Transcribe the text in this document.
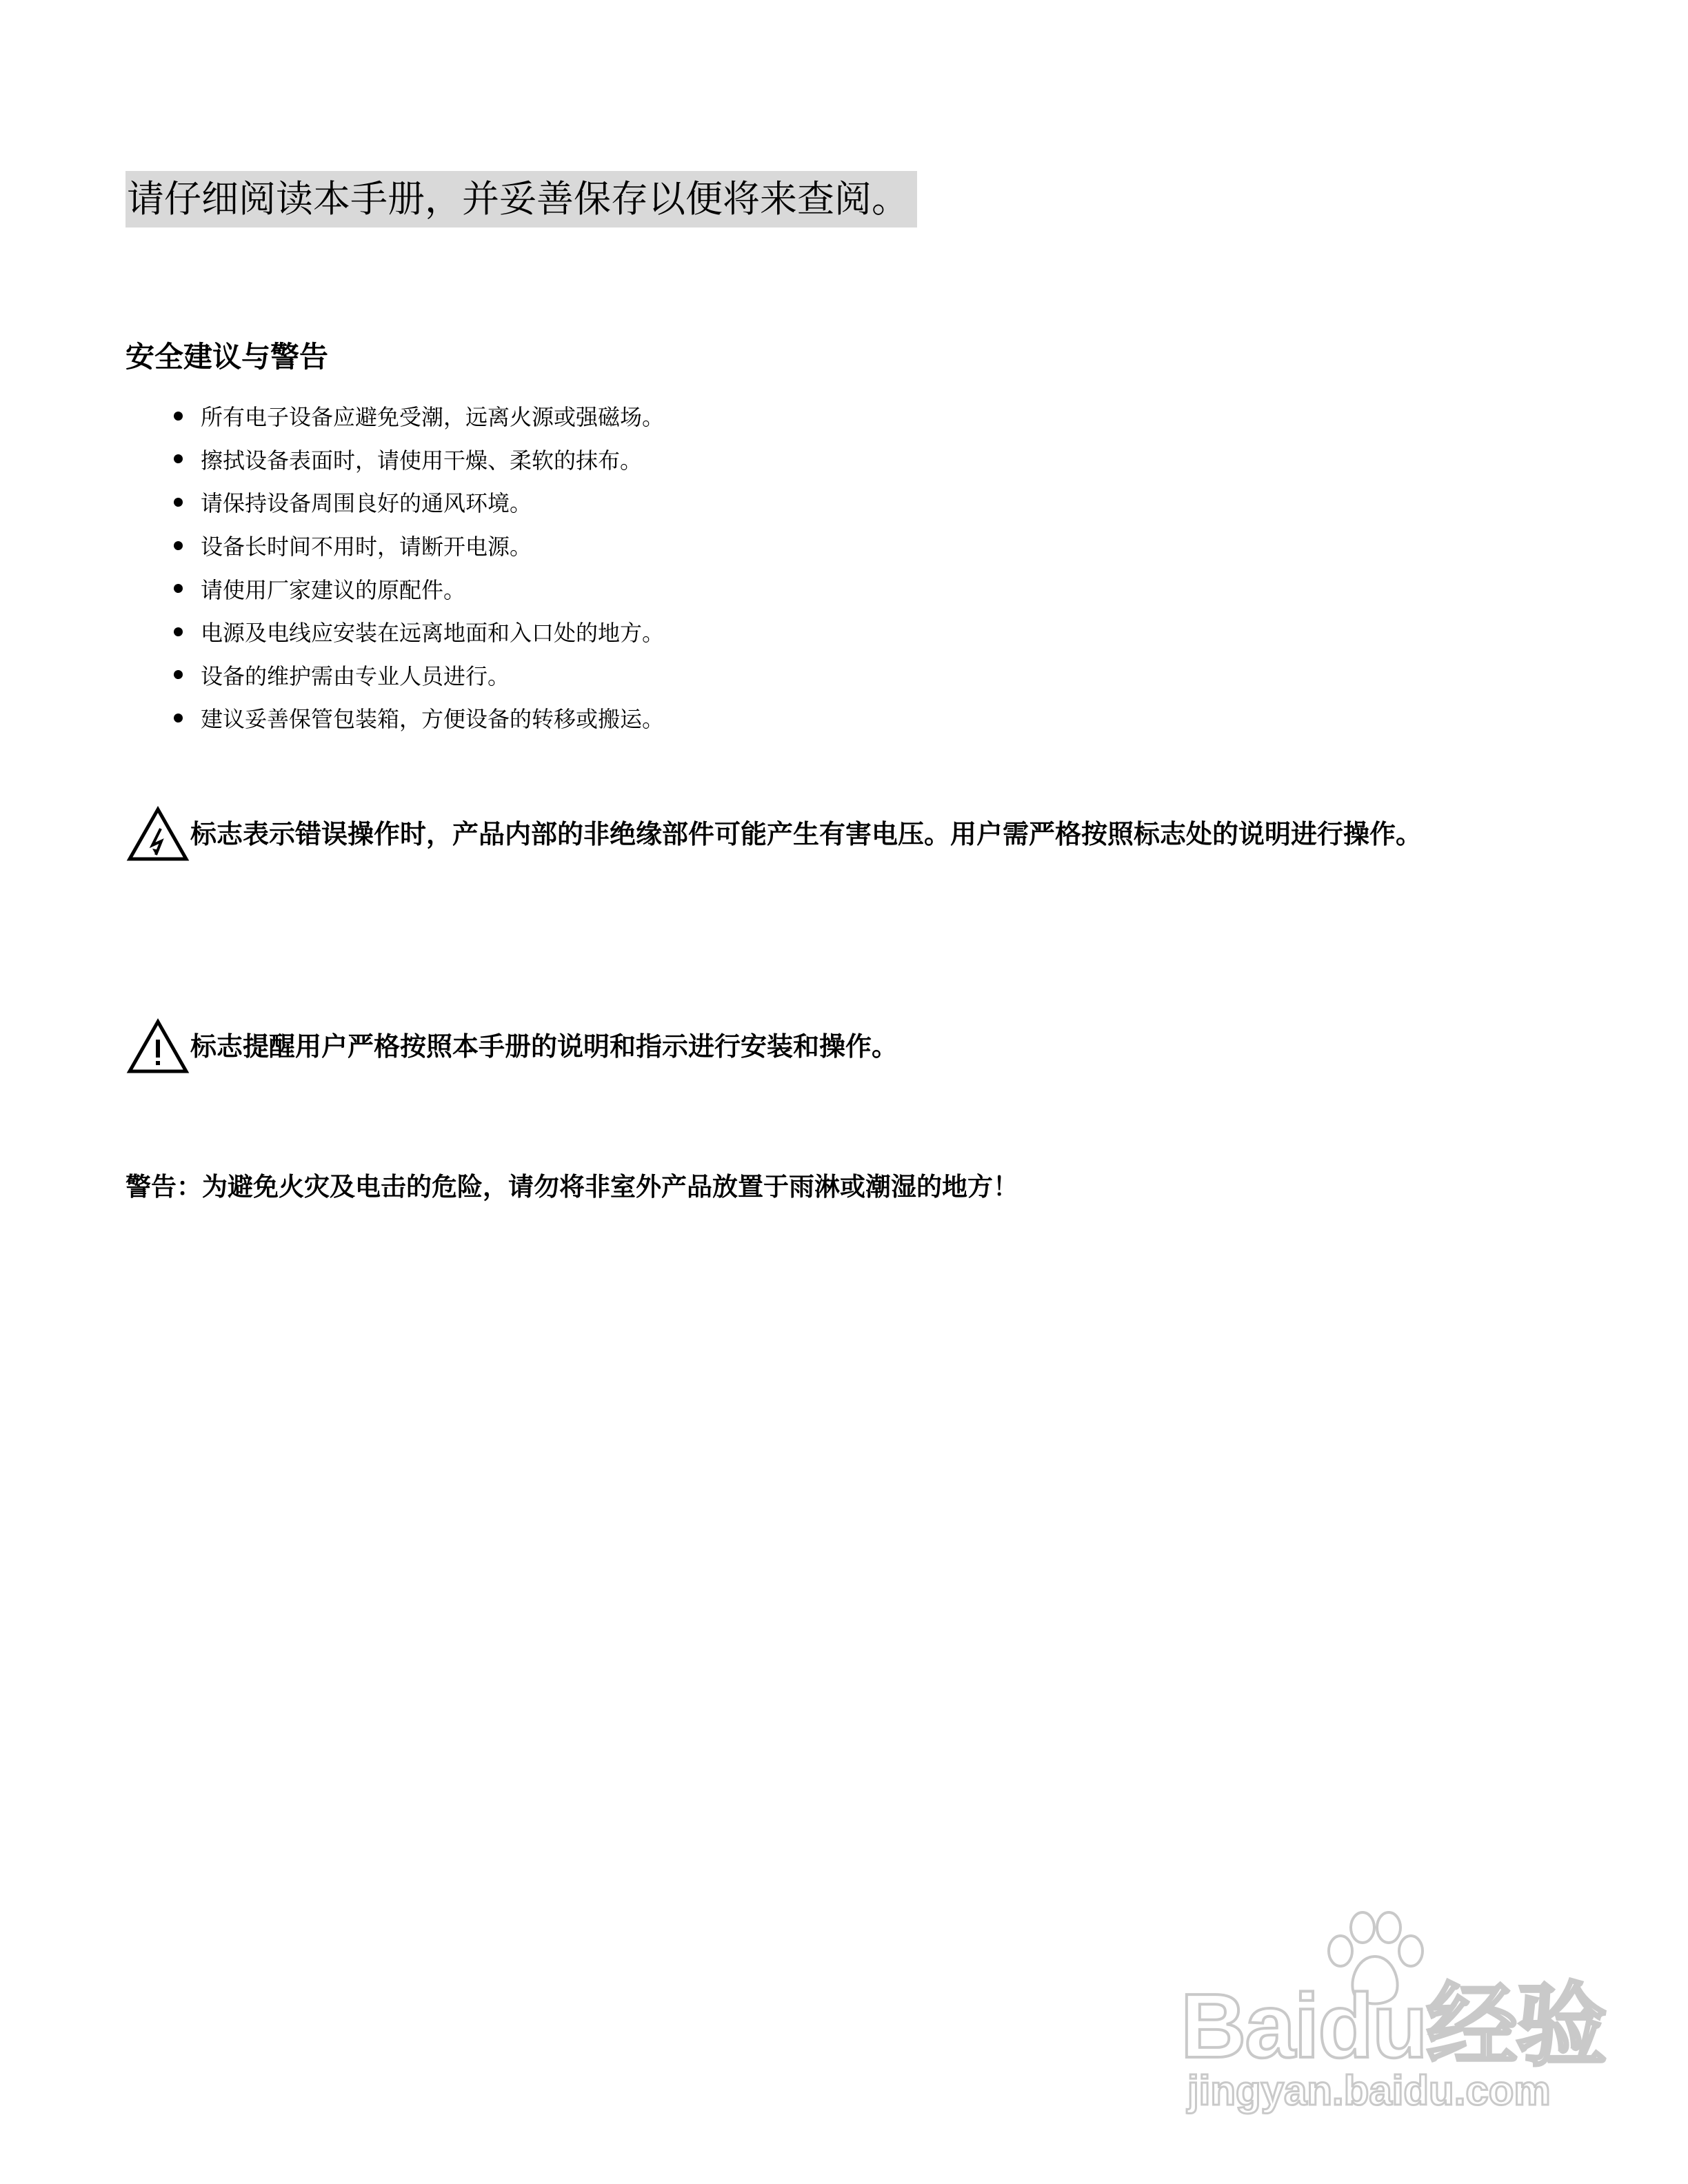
请仔细阅读本手册，并妥善保存以便将来查阅。
安全建议与警告
所有电子设备应避免受潮，远离火源或强磁场。
擦拭设备表面时，请使用干燥、柔软的抹布。
请保持设备周围良好的通风环境。
设备长时间不用时，请断开电源。
请使用厂家建议的原配件。
电源及电线应安装在远离地面和入口处的地方。
设备的维护需由专业人员进行。
建议妥善保管包装箱，方便设备的转移或搬运。
标志表示错误操作时，产品内部的非绝缘部件可能产生有害电压。用户需严格按照标志处的说明进行操作。
标志提醒用户严格按照本手册的说明和指示进行安装和操作。
警告：为避免火灾及电击的危险，请勿将非室外产品放置于雨淋或潮湿的地方！
Baidu经验
jingyan.baidu.com
